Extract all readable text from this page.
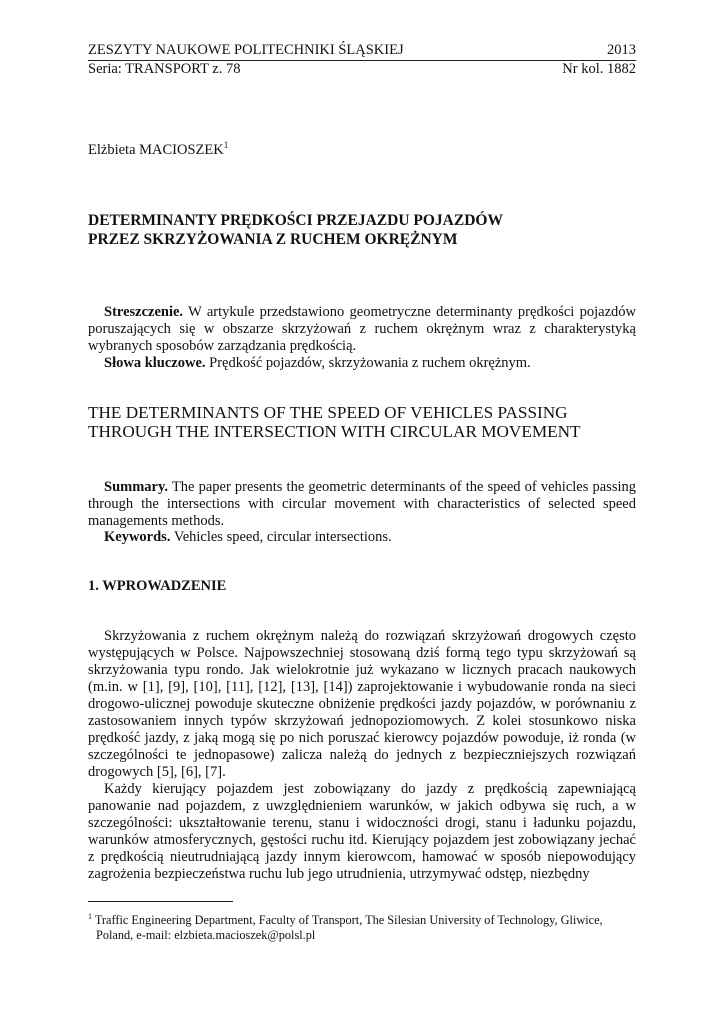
ZESZYTY NAUKOWE POLITECHNIKI ŚLĄSKIEJ	2013
Seria: TRANSPORT z. 78	Nr kol. 1882
Elżbieta MACIOSZEK$^1$
DETERMINANTY PRĘDKOŚCI PRZEJAZDU POJAZDÓW
PRZEZ SKRZYŻOWANIA Z RUCHEM OKRĘŻNYM

Streszczenie. W artykule przedstawiono geometryczne determinanty prędkości pojazdów poruszających się w obszarze skrzyżowań z ruchem okrężnym wraz z charakterystyką wybranych sposobów zarządzania prędkością.

Słowa kluczowe. Prędkość pojazdów, skrzyżowania z ruchem okrężnym.

THE DETERMINANTS OF THE SPEED OF VEHICLES PASSING
THROUGH THE INTERSECTION WITH CIRCULAR MOVEMENT

Summary. The paper presents the geometric determinants of the speed of vehicles passing through the intersections with circular movement with characteristics of selected speed managements methods.

Keywords. Vehicles speed, circular intersections.

1. WPROWADZENIE

Skrzyżowania z ruchem okrężnym należą do rozwiązań skrzyżowań drogowych często występujących w Polsce. Najpowszechniej stosowaną dziś formą tego typu skrzyżowań są skrzyżowania typu rondo. Jak wielokrotnie już wykazano w licznych pracach naukowych (m.in. w [1], [9], [10], [11], [12], [13], [14]) zaprojektowanie i wybudowanie ronda na sieci drogowo-ulicznej powoduje skuteczne obniżenie prędkości jazdy pojazdów, w porównaniu z zastosowaniem innych typów skrzyżowań jednopoziomowych. Z kolei stosunkowo niska prędkość jazdy, z jaką mogą się po nich poruszać kierowcy pojazdów powoduje, iż ronda (w szczególności te jednopasowe) zalicza należą do jednych z bezpieczniejszych rozwiązań drogowych [5], [6], [7].

Każdy kierujący pojazdem jest zobowiązany do jazdy z prędkością zapewniającą panowanie nad pojazdem, z uwzględnieniem warunków, w jakich odbywa się ruch, a w szczególności: ukształtowanie terenu, stanu i widoczności drogi, stanu i ładunku pojazdu, warunków atmosferycznych, gęstości ruchu itd. Kierujący pojazdem jest zobowiązany jechać z prędkością nieutrudniającą jazdy innym kierowcom, hamować w sposób niepowodujący zagrożenia bezpieczeństwa ruchu lub jego utrudnienia, utrzymywać odstęp, niezbędny

$^1$ Traffic Engineering Department, Faculty of Transport, The Silesian University of Technology, Gliwice,
Poland, e-mail: elzbieta.macioszek@polsl.pl
